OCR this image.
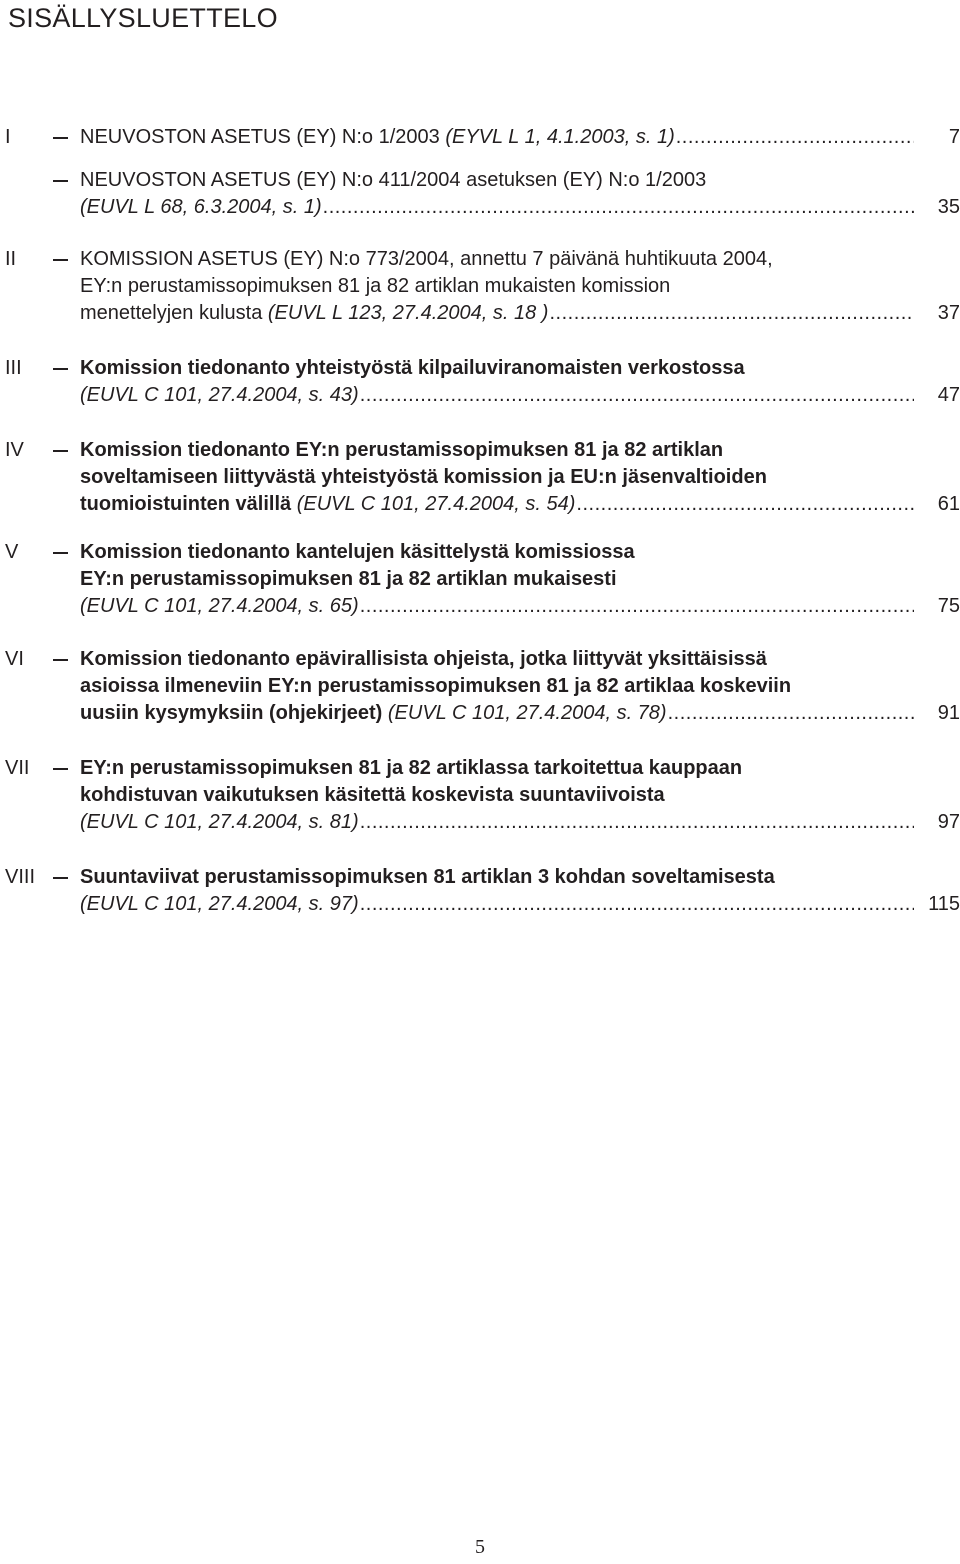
SISÄLLYSLUETTELO
I	NEUVOSTON ASETUS (EY) N:o 1/2003 (EYVL L 1, 4.1.2003, s. 1) .....	7
NEUVOSTON ASETUS (EY) N:o 411/2004 asetuksen (EY) N:o 1/2003
(EUVL L 68, 6.3.2004, s. 1) .....	35
II	KOMISSION ASETUS (EY) N:o 773/2004, annettu 7 päivänä huhtikuuta 2004,
EY:n perustamissopimuksen 81 ja 82 artiklan mukaisten komission
menettelyjen kulusta (EUVL L 123, 27.4.2004, s. 18 ) .....	37
III	Komission tiedonanto yhteistyöstä kilpailuviranomaisten verkostossa
(EUVL C 101, 27.4.2004, s. 43) .....	47
IV	Komission tiedonanto EY:n perustamissopimuksen 81 ja 82 artiklan
soveltamiseen liittyvästä yhteistyöstä komission ja EU:n jäsenvaltioiden
tuomioistuinten välillä (EUVL C 101, 27.4.2004, s. 54) .....	61
V	Komission tiedonanto kantelujen käsittelystä komissiossa
EY:n perustamissopimuksen 81 ja 82 artiklan mukaisesti
(EUVL C 101, 27.4.2004, s. 65) .....	75
VI	Komission tiedonanto epävirallisista ohjeista, jotka liittyvät yksittäisissä
asioissa ilmeneviin EY:n perustamissopimuksen 81 ja 82 artiklaa koskeviin
uusiin kysymyksiin (ohjekirjeet) (EUVL C 101, 27.4.2004, s. 78) .....	91
VII	EY:n perustamissopimuksen 81 ja 82 artiklassa tarkoitettua kauppaan
kohdistuvan vaikutuksen käsitettä koskevista suuntaviivoista
(EUVL C 101, 27.4.2004, s. 81) .....	97
VIII Suuntaviivat perustamissopimuksen 81 artiklan 3 kohdan soveltamisesta
(EUVL C 101, 27.4.2004, s. 97) .....	115
5
